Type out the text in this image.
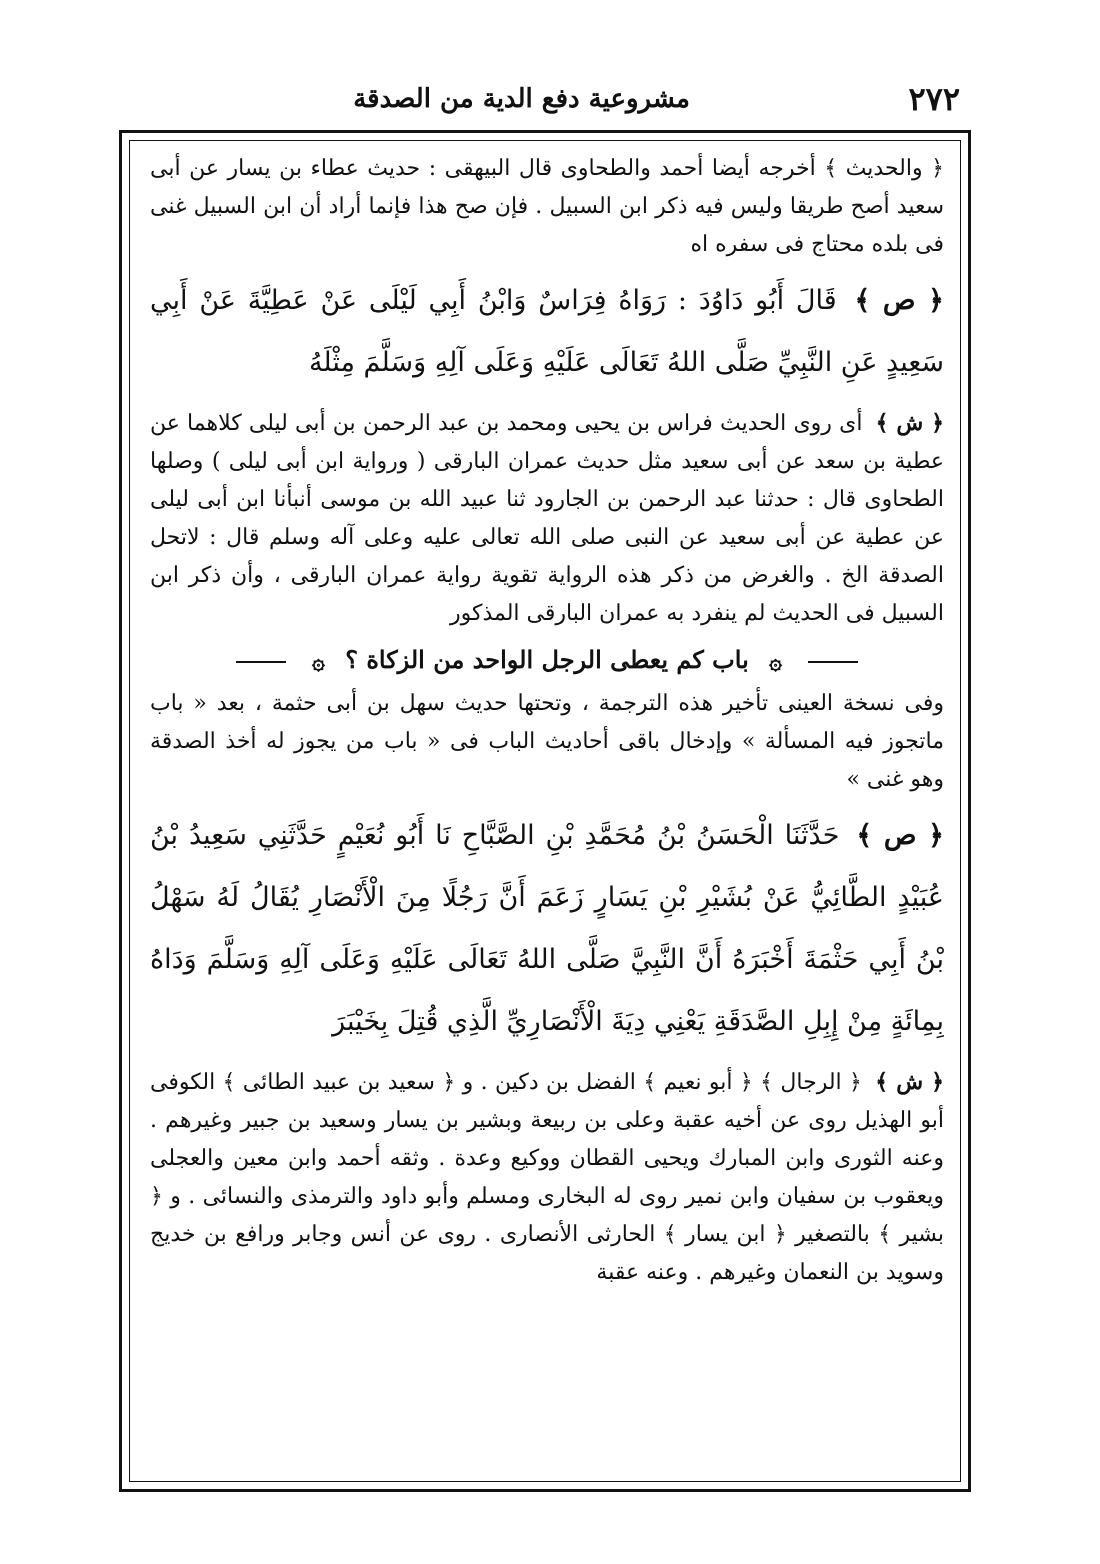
٢٧٢
مشروعية دفع الدية من الصدقة

﴿ والحديث ﴾ أخرجه أيضا أحمد والطحاوى قال البيهقى : حديث عطاء بن يسار عن أبى سعيد أصح طريقا وليس فيه ذكر ابن السبيل . فإن صح هذا فإنما أراد أن ابن السبيل غنى فى بلده محتاج فى سفره اه

﴿ ص ﴾ قَالَ أَبُو دَاوُدَ : رَوَاهُ فِرَاسٌ وَابْنُ أَبِي لَيْلَى عَنْ عَطِيَّةَ عَنْ أَبِي سَعِيدٍ عَنِ النَّبِيِّ صَلَّى اللهُ تَعَالَى عَلَيْهِ وَعَلَى آلِهِ وَسَلَّمَ مِثْلَهُ

﴿ ش ﴾ أى روى الحديث فراس بن يحيى ومحمد بن عبد الرحمن بن أبى ليلى كلاهما عن عطية بن سعد عن أبى سعيد مثل حديث عمران البارقى ( ورواية ابن أبى ليلى ) وصلها الطحاوى قال : حدثنا عبد الرحمن بن الجارود ثنا عبيد الله بن موسى أنبأنا ابن أبى ليلى عن عطية عن أبى سعيد عن النبى صلى الله تعالى عليه وعلى آله وسلم قال : لاتحل الصدقة الخ . والغرض من ذكر هذه الرواية تقوية رواية عمران البارقى ، وأن ذكر ابن السبيل فى الحديث لم ينفرد به عمران البارقى المذكور

۞ باب كم يعطى الرجل الواحد من الزكاة ؟ ۞

وفى نسخة العينى تأخير هذه الترجمة ، وتحتها حديث سهل بن أبى حثمة ، بعد « باب ماتجوز فيه المسألة » وإدخال باقى أحاديث الباب فى « باب من يجوز له أخذ الصدقة وهو غنى »

﴿ ص ﴾ حَدَّثَنَا الْحَسَنُ بْنُ مُحَمَّدِ بْنِ الصَّبَّاحِ نَا أَبُو نُعَيْمٍ حَدَّثَنِي سَعِيدُ بْنُ عُبَيْدٍ الطَّائِيُّ عَنْ بُشَيْرِ بْنِ يَسَارٍ زَعَمَ أَنَّ رَجُلًا مِنَ الْأَنْصَارِ يُقَالُ لَهُ سَهْلُ بْنُ أَبِي حَثْمَةَ أَخْبَرَهُ أَنَّ النَّبِيَّ صَلَّى اللهُ تَعَالَى عَلَيْهِ وَعَلَى آلِهِ وَسَلَّمَ وَدَاهُ بِمِائَةٍ مِنْ إِبِلِ الصَّدَقَةِ يَعْنِي دِيَةَ الْأَنْصَارِيِّ الَّذِي قُتِلَ بِخَيْبَرَ

﴿ ش ﴾ ﴿ الرجال ﴾ ﴿ أبو نعيم ﴾ الفضل بن دكين . و ﴿ سعيد بن عبيد الطائى ﴾ الكوفى أبو الهذيل روى عن أخيه عقبة وعلى بن ربيعة وبشير بن يسار وسعيد بن جبير وغيرهم . وعنه الثورى وابن المبارك ويحيى القطان ووكيع وعدة . وثقه أحمد وابن معين والعجلى ويعقوب بن سفيان وابن نمير روى له البخارى ومسلم وأبو داود والترمذى والنسائى . و ﴿ بشير ﴾ بالتصغير ﴿ ابن يسار ﴾ الحارثى الأنصارى . روى عن أنس وجابر ورافع بن خديج وسويد بن النعمان وغيرهم . وعنه عقبة
